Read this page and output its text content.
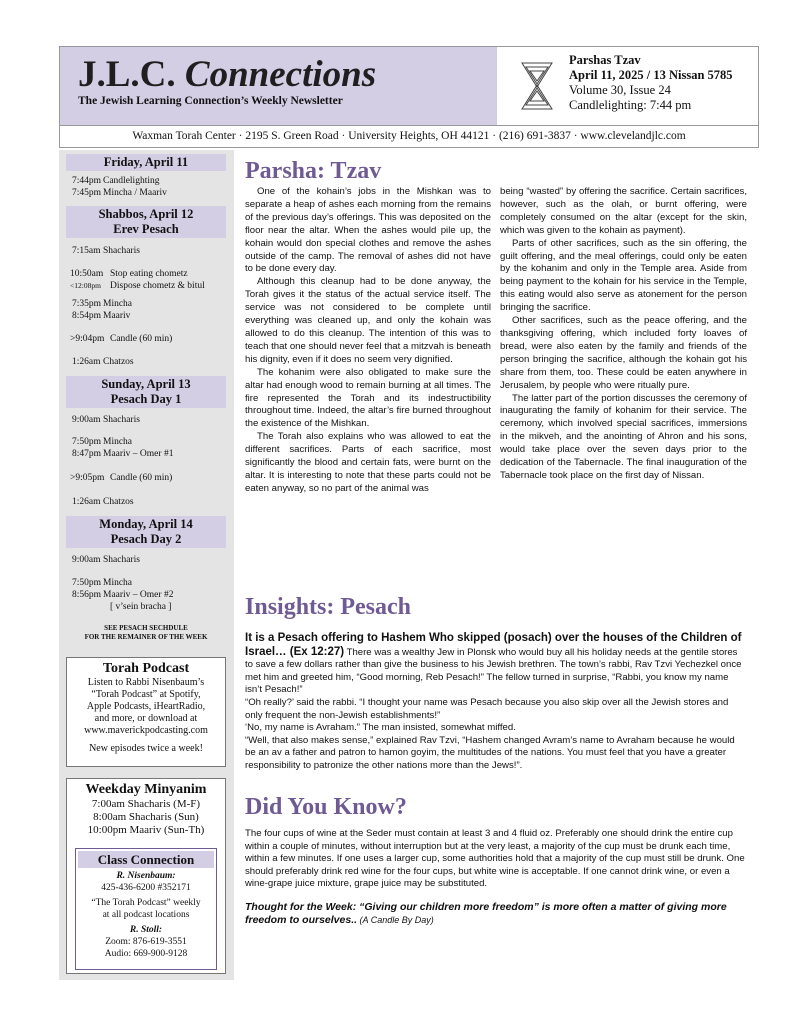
J.L.C. Connections
The Jewish Learning Connection’s Weekly Newsletter
Parshas Tzav
April 11, 2025 / 13 Nissan 5785
Volume 30, Issue 24
Candlelighting: 7:44 pm
Waxman Torah Center · 2195 S. Green Road · University Heights, OH 44121 · (216) 691-3837 · www.clevelandjlc.com
Friday, April 11
7:44pm Candlelighting
7:45pm Mincha / Maariv
Shabbos, April 12
Erev Pesach
7:15am Shacharis
10:50am Stop eating chometz
<12:08pm Dispose chometz & bitul
7:35pm Mincha
8:54pm Maariv
>9:04pm Candle (60 min)
1:26am Chatzos
Sunday, April 13
Pesach Day 1
9:00am Shacharis
7:50pm Mincha
8:47pm Maariv – Omer #1
>9:05pm Candle (60 min)
1:26am Chatzos
Monday, April 14
Pesach Day 2
9:00am Shacharis
7:50pm Mincha
8:56pm Maariv – Omer #2
[ v’sein bracha ]
SEE PESACH SECHDULE
FOR THE REMAINER OF THE WEEK
Torah Podcast

Listen to Rabbi Nisenbaum’s

“Torah Podcast” at Spotify,

Apple Podcasts, iHeartRadio,

and more, or download at

www.maverickpodcasting.com

New episodes twice a week!

Weekday Minyanim

7:00am Shacharis (M-F)

8:00am Shacharis (Sun)

10:00pm Maariv (Sun-Th)

Class Connection

R. Nisenbaum:

425-436-6200 #352171

“The Torah Podcast” weekly

at all podcast locations

R. Stoll:

Zoom: 876-619-3551

Audio: 669-900-9128

Parsha: Tzav

One of the kohain’s jobs in the Mishkan was to separate a heap of ashes each morning from the remains of the previous day’s offerings. This was deposited on the floor near the altar. When the ashes would pile up, the kohain would don special clothes and remove the ashes outside of the camp. The removal of ashes did not have to be done every day.

Although this cleanup had to be done anyway, the Torah gives it the status of the actual service itself. The service was not considered to be complete until everything was cleaned up, and only the kohain was allowed to do this cleanup. The intention of this was to teach that one should never feel that a mitzvah is beneath his dignity, even if it does no seem very dignified.

The kohanim were also obligated to make sure the altar had enough wood to remain burning at all times. The fire represented the Torah and its indestructibility throughout time. Indeed, the altar’s fire burned throughout the existence of the Mishkan.

The Torah also explains who was allowed to eat the different sacrifices. Parts of each sacrifice, most significantly the blood and certain fats, were burnt on the altar. It is interesting to note that these parts could not be eaten anyway, so no part of the animal was

being “wasted” by offering the sacrifice. Certain sacrifices, however, such as the olah, or burnt offering, were completely consumed on the altar (except for the skin, which was given to the kohain as payment).

Parts of other sacrifices, such as the sin offering, the guilt offering, and the meal offerings, could only be eaten by the kohanim and only in the Temple area. Aside from being payment to the kohain for his service in the Temple, this eating would also serve as atonement for the person bringing the sacrifice.

Other sacrifices, such as the peace offering, and the thanksgiving offering, which included forty loaves of bread, were also eaten by the family and friends of the person bringing the sacrifice, although the kohain got his share from them, too. These could be eaten anywhere in Jerusalem, by people who were ritually pure.

The latter part of the portion discusses the ceremony of inaugurating the family of kohanim for their service. The ceremony, which involved special sacrifices, immersions in the mikveh, and the anointing of Ahron and his sons, would take place over the seven days prior to the dedication of the Tabernacle. The final inauguration of the Tabernacle took place on the first day of Nissan.

Insights: Pesach

It is a Pesach offering to Hashem Who skipped (posach) over the houses of the Children of Israel… (Ex 12:27) There was a wealthy Jew in Plonsk who would buy all his holiday needs at the gentile stores to save a few dollars rather than give the business to his Jewish brethren. The town’s rabbi, Rav Tzvi Yechezkel once met him and greeted him, “Good morning, Reb Pesach!” The fellow turned in surprise, “Rabbi, you know my name isn’t Pesach!”

“Oh really?’ said the rabbi. “I thought your name was Pesach because you also skip over all the Jewish stores and only frequent the non-Jewish establishments!”

‘No, my name is Avraham.” The man insisted, somewhat miffed.

“Well, that also makes sense,” explained Rav Tzvi, “Hashem changed Avram’s name to Avraham because he would be an av a father and patron to hamon goyim, the multitudes of the nations. You must feel that you have a greater responsibility to patronize the other nations more than the Jews!”.

Did You Know?

The four cups of wine at the Seder must contain at least 3 and 4 fluid oz. Preferably one should drink the entire cup within a couple of minutes, without interruption but at the very least, a majority of the cup must be drunk each time, within a few minutes. If one uses a larger cup, some authorities hold that a majority of the cup must still be drunk. One should preferably drink red wine for the four cups, but white wine is acceptable. If one cannot drink wine, or even a wine-grape juice mixture, grape juice may be substituted.

Thought for the Week: “Giving our children more freedom” is more often a matter of giving more freedom to ourselves.. (A Candle By Day)
